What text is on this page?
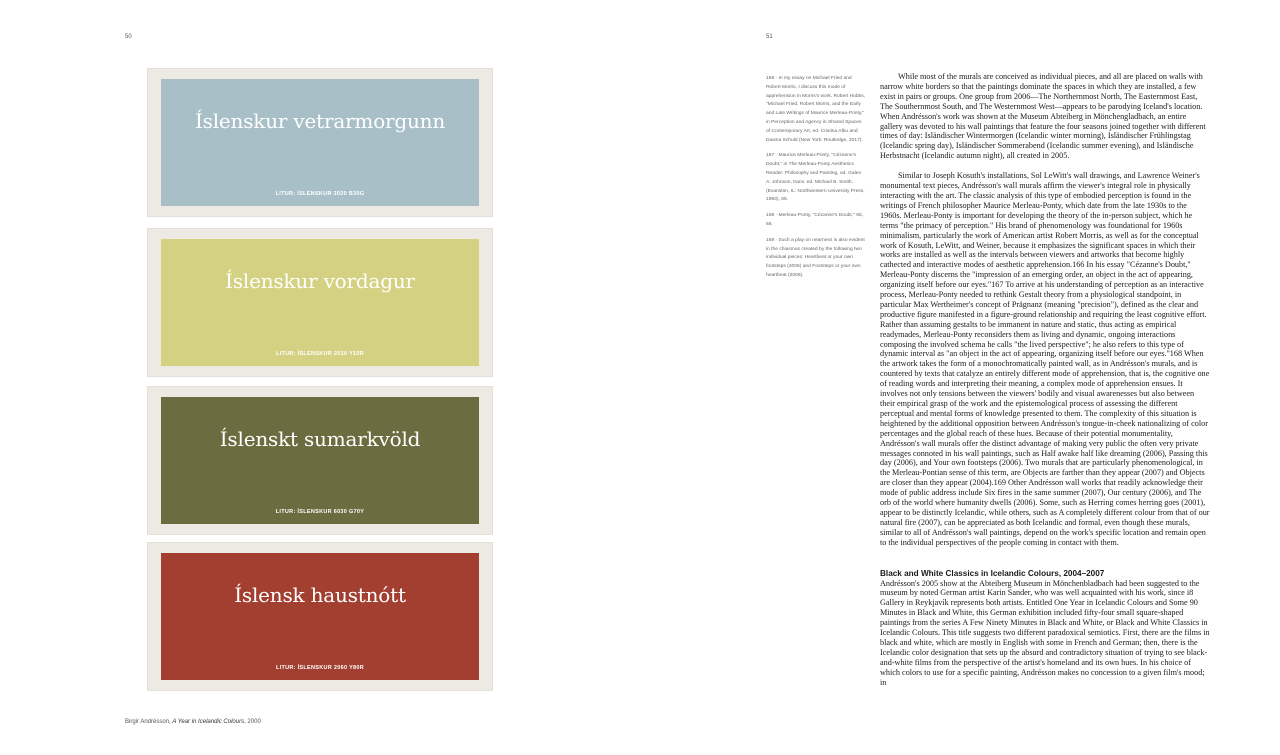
50	51
Íslenskur vetrarmorgunn
LITUR: ÍSLENSKUR 3020 B30G
Íslenskur vordagur
LITUR: ÍSLENSKUR 2010 Y10R
Íslenskt sumarkvöld
LITUR: ÍSLENSKUR 6030 G70Y
Íslensk haustnótt
LITUR: ÍSLENSKUR 2060 Y80R
Birgir Andrésson, A Year in Icelandic Colours, 2000
166 · In my essay on Michael Fried and Robert Morris, I discuss this mode of apprehension in Morris's work. Robert Hobbs, "Michael Fried, Robert Morris, and the Early and Late Writings of Maurice Merleau-Ponty," in Perception and Agency in Shared Spaces of Contemporary Art, ed. Cristina Albu and Dawna Schuld (New York: Routledge, 2017).
167 · Maurice Merleau-Ponty, "Cézanne's Doubt," in The Merleau-Ponty Aesthetics Reader: Philosophy and Painting, ed. Galen A. Johnson, trans. ed. Michael B. Smith. (Evanston, IL: Northwestern University Press, 1993), 65.
168 · Merleau-Ponty, "Cézanne's Doubt," 65, 66.
169 · Such a play on nearness is also evident in the chiasmus created by the following two individual pieces: Heartbeat or your own footsteps (2006) and Footsteps or your own heartbeat (2006).

While most of the murals are conceived as individual pieces, and all are placed on walls with narrow white borders so that the paintings dominate the spaces in which they are installed, a few exist in pairs or groups. One group from 2006—The Northernmost North, The Easternmost East, The Southernmost South, and The Westernmost West—appears to be parodying Iceland's location. When Andrésson's work was shown at the Museum Abteiberg in Mönchengladbach, an entire gallery was devoted to his wall paintings that feature the four seasons joined together with different times of day: Isländischer Wintermorgen (Icelandic winter morning), Isländischer Frühlingstag (Icelandic spring day), Isländischer Sommerabend (Icelandic summer evening), and Isländische Herbstnacht (Icelandic autumn night), all created in 2005.

Similar to Joseph Kosuth's installations, Sol LeWitt's wall drawings, and Lawrence Weiner's monumental text pieces, Andrésson's wall murals affirm the viewer's integral role in physically interacting with the art. The classic analysis of this type of embodied perception is found in the writings of French philosopher Maurice Merleau-Ponty, which date from the late 1930s to the 1960s. Merleau-Ponty is important for developing the theory of the in-person subject, which he terms "the primacy of perception." His brand of phenomenology was foundational for 1960s minimalism, particularly the work of American artist Robert Morris, as well as for the conceptual work of Kosuth, LeWitt, and Weiner, because it emphasizes the significant spaces in which their works are installed as well as the intervals between viewers and artworks that become highly cathected and interactive modes of aesthetic apprehension.166 In his essay "Cézanne's Doubt," Merleau-Ponty discerns the "impression of an emerging order, an object in the act of appearing, organizing itself before our eyes."167 To arrive at his understanding of perception as an interactive process, Merleau-Ponty needed to rethink Gestalt theory from a physiological standpoint, in particular Max Wertheimer's concept of Prägnanz (meaning "precision"), defined as the clear and productive figure manifested in a figure-ground relationship and requiring the least cognitive effort. Rather than assuming gestalts to be immanent in nature and static, thus acting as empirical readymades, Merleau-Ponty reconsiders them as living and dynamic, ongoing interactions composing the involved schema he calls "the lived perspective"; he also refers to this type of dynamic interval as "an object in the act of appearing, organizing itself before our eyes."168 When the artwork takes the form of a monochromatically painted wall, as in Andrésson's murals, and is countered by texts that catalyze an entirely different mode of apprehension, that is, the cognitive one of reading words and interpreting their meaning, a complex mode of apprehension ensues. It involves not only tensions between the viewers' bodily and visual awarenesses but also between their empirical grasp of the work and the epistemological process of assessing the different perceptual and mental forms of knowledge presented to them. The complexity of this situation is heightened by the additional opposition between Andrésson's tongue-in-cheek nationalizing of color percentages and the global reach of these hues. Because of their potential monumentality, Andrésson's wall murals offer the distinct advantage of making very public the often very private messages connoted in his wall paintings, such as Half awake half like dreaming (2006), Passing this day (2006), and Your own footsteps (2006). Two murals that are particularly phenomenological, in the Merleau-Pontian sense of this term, are Objects are farther than they appear (2007) and Objects are closer than they appear (2004).169 Other Andrésson wall works that readily acknowledge their mode of public address include Six fires in the same summer (2007), Our century (2006), and The orb of the world where humanity dwells (2006). Some, such as Herring comes herring goes (2001), appear to be distinctly Icelandic, while others, such as A completely different colour from that of our natural fire (2007), can be appreciated as both Icelandic and formal, even though these murals, similar to all of Andrésson's wall paintings, depend on the work's specific location and remain open to the individual perspectives of the people coming in contact with them.

Black and White Classics in Icelandic Colours, 2004–2007

Andrésson's 2005 show at the Abteiberg Museum in Mönchenbladbach had been suggested to the museum by noted German artist Karin Sander, who was well acquainted with his work, since i8 Gallery in Reykjavík represents both artists. Entitled One Year in Icelandic Colours and Some 90 Minutes in Black and White, this German exhibition included fifty-four small square-shaped paintings from the series A Few Ninety Minutes in Black and White, or Black and White Classics in Icelandic Colours. This title suggests two different paradoxical semiotics. First, there are the films in black and white, which are mostly in English with some in French and German; then, there is the Icelandic color designation that sets up the absurd and contradictory situation of trying to see black-and-white films from the perspective of the artist's homeland and its own hues. In his choice of which colors to use for a specific painting, Andrésson makes no concession to a given film's mood; in
